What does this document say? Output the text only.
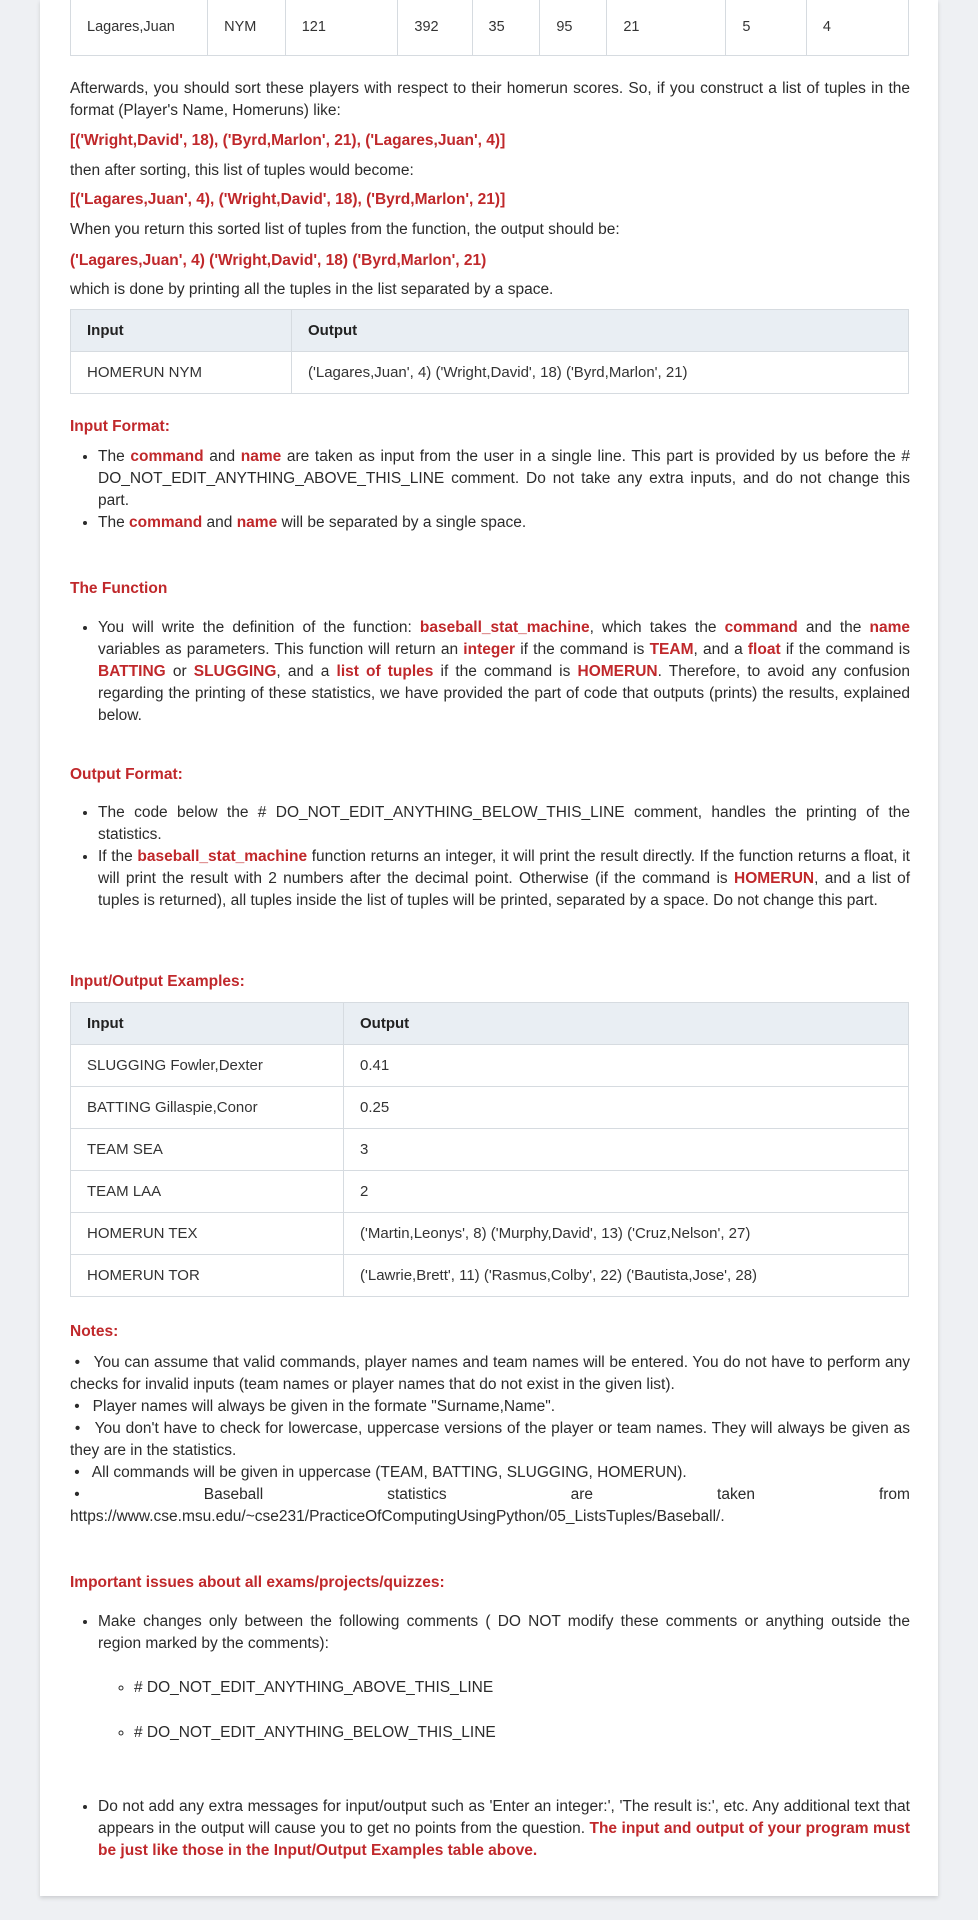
Lagares,Juan	NYM	121	392	35	95	21	5	4
Afterwards, you should sort these players with respect to their homerun scores. So, if you construct a list of tuples in the format (Player's Name, Homeruns) like:
[('Wright,David', 18), ('Byrd,Marlon', 21), ('Lagares,Juan', 4)]
then after sorting, this list of tuples would become:
[('Lagares,Juan', 4), ('Wright,David', 18), ('Byrd,Marlon', 21)]
When you return this sorted list of tuples from the function, the output should be:
('Lagares,Juan', 4) ('Wright,David', 18) ('Byrd,Marlon', 21)
which is done by printing all the tuples in the list separated by a space.
Input	Output
HOMERUN NYM	('Lagares,Juan', 4) ('Wright,David', 18) ('Byrd,Marlon', 21)
Input Format:
• The command and name are taken as input from the user in a single line. This part is provided by us before the # DO_NOT_EDIT_ANYTHING_ABOVE_THIS_LINE comment. Do not take any extra inputs, and do not change this part.
• The command and name will be separated by a single space.
The Function
• You will write the definition of the function: baseball_stat_machine, which takes the command and the name variables as parameters. This function will return an integer if the command is TEAM, and a float if the command is BATTING or SLUGGING, and a list of tuples if the command is HOMERUN. Therefore, to avoid any confusion regarding the printing of these statistics, we have provided the part of code that outputs (prints) the results, explained below.
Output Format:
• The code below the # DO_NOT_EDIT_ANYTHING_BELOW_THIS_LINE comment, handles the printing of the statistics.
• If the baseball_stat_machine function returns an integer, it will print the result directly. If the function returns a float, it will print the result with 2 numbers after the decimal point. Otherwise (if the command is HOMERUN, and a list of tuples is returned), all tuples inside the list of tuples will be printed, separated by a space. Do not change this part.
Input/Output Examples:
Input	Output
SLUGGING Fowler,Dexter	0.41
BATTING Gillaspie,Conor	0.25
TEAM SEA	3
TEAM LAA	2
HOMERUN TEX	('Martin,Leonys', 8) ('Murphy,David', 13) ('Cruz,Nelson', 27)
HOMERUN TOR	('Lawrie,Brett', 11) ('Rasmus,Colby', 22) ('Bautista,Jose', 28)
Notes:
•   You can assume that valid commands, player names and team names will be entered. You do not have to perform any checks for invalid inputs (team names or player names that do not exist in the given list).
•   Player names will always be given in the formate "Surname,Name".
•   You don't have to check for lowercase, uppercase versions of the player or team names. They will always be given as they are in the statistics.
•   All commands will be given in uppercase (TEAM, BATTING, SLUGGING, HOMERUN).
•	Baseball	statistics	are	taken	from
https://www.cse.msu.edu/~cse231/PracticeOfComputingUsingPython/05_ListsTuples/Baseball/.
Important issues about all exams/projects/quizzes:
• Make changes only between the following comments ( DO NOT modify these comments or anything outside the region marked by the comments):
◦ # DO_NOT_EDIT_ANYTHING_ABOVE_THIS_LINE
◦ # DO_NOT_EDIT_ANYTHING_BELOW_THIS_LINE
• Do not add any extra messages for input/output such as 'Enter an integer:', 'The result is:', etc. Any additional text that appears in the output will cause you to get no points from the question. The input and output of your program must be just like those in the Input/Output Examples table above.
